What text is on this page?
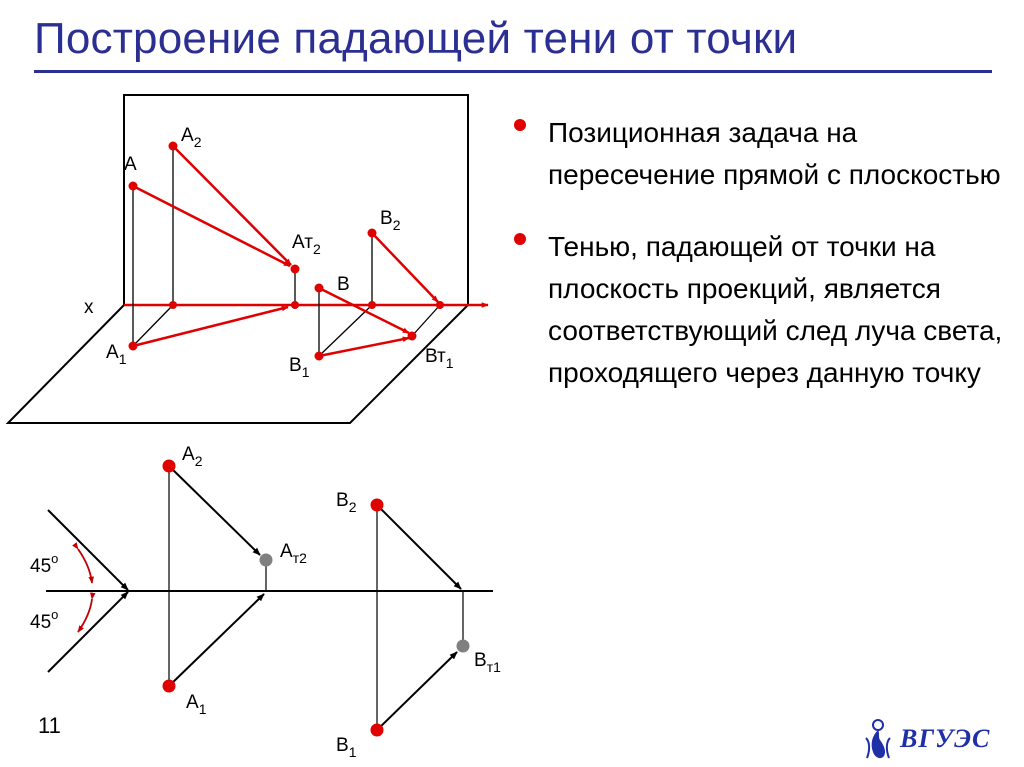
Построение падающей тени от точки
A
$A_2$
$Ат_2$
B
$B_2$
x
$A_1$	$B_1$
$Вт_1$
$A_2$
$A_{т2}$
$A_1$
$B_2$
$B_{т1}$
$B_1$
45$^o$
45$^o$
Позиционная задача на пересечение прямой с плоскостью
Тенью, падающей от точки на плоскость проекций, является соответствующий след луча света, проходящего через данную точку
11	ВГУЭС
